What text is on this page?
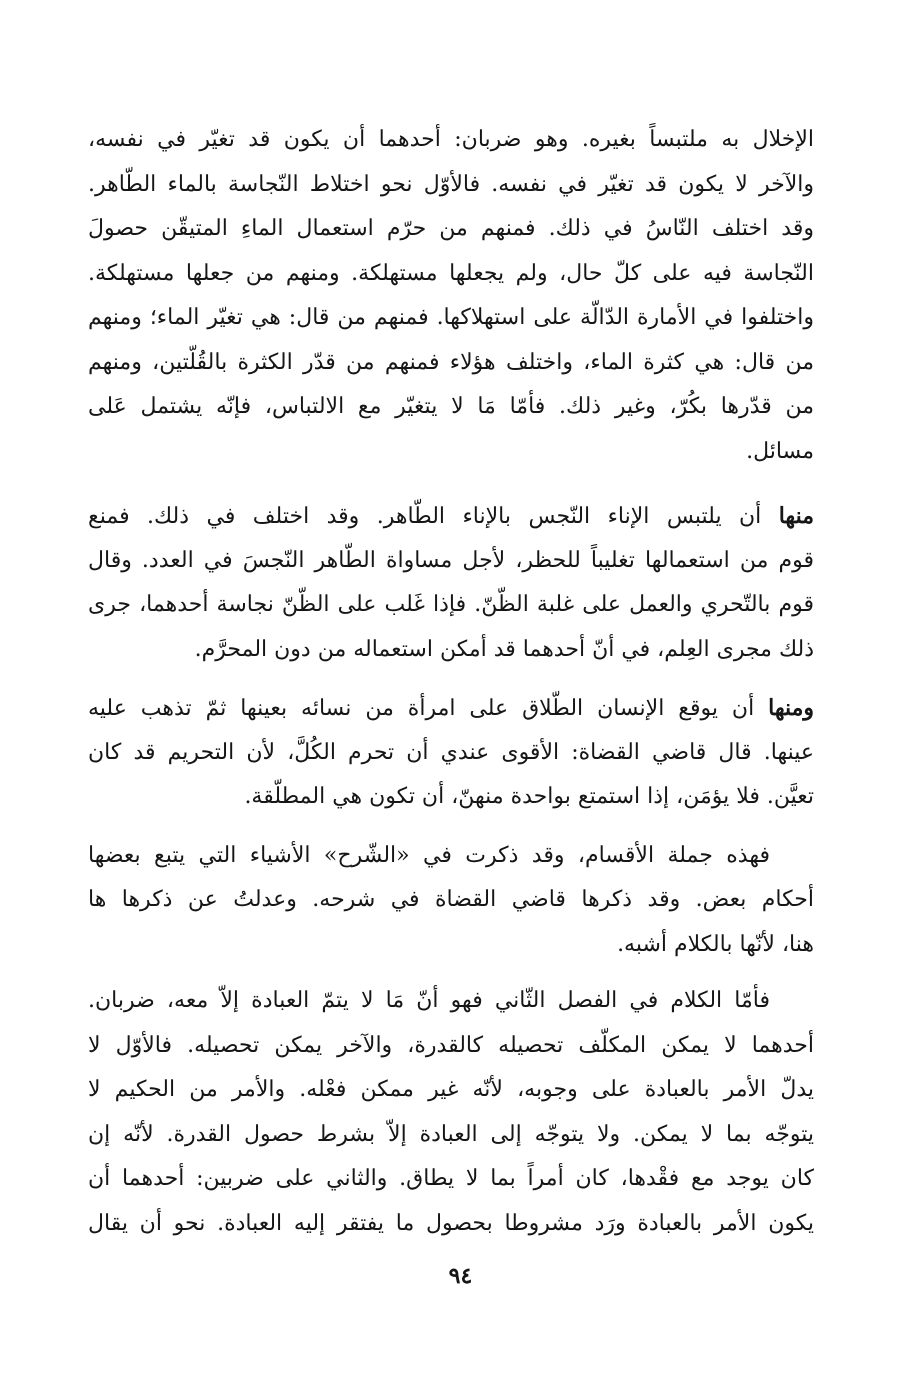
الإخلال به ملتبساً بغيره. وهو ضربان: أحدهما أن يكون قد تغيّر في نفسه،
والآخر لا يكون قد تغيّر في نفسه. فالأوّل نحو اختلاط النّجاسة بالماء الطّاهر.
وقد اختلف النّاسُ في ذلك. فمنهم من حرّم استعمال الماءِ المتيقّن حصولَ
النّجاسة فيه على كلّ حال، ولم يجعلها مستهلكة. ومنهم من جعلها مستهلكة.
واختلفوا في الأمارة الدّالّة على استهلاكها. فمنهم من قال: هي تغيّر الماء؛ ومنهم
من قال: هي كثرة الماء، واختلف هؤلاء فمنهم من قدّر الكثرة بالقُلّتين، ومنهم
من قدّرها بكُرّ، وغير ذلك. فأمّا مَا لا يتغيّر مع الالتباس، فإنّه يشتمل عَلى
مسائل.
منها أن يلتبس الإناء النّجس بالإناء الطّاهر. وقد اختلف في ذلك. فمنع
قوم من استعمالها تغليباً للحظر، لأجل مساواة الطّاهر النّجسَ في العدد. وقال
قوم بالتّحري والعمل على غلبة الظّنّ. فإذا غَلب على الظّنّ نجاسة أحدهما، جرى
ذلك مجرى العِلم، في أنّ أحدهما قد أمكن استعماله من دون المحرَّم.
ومنها أن يوقع الإنسان الطّلاق على امرأة من نسائه بعينها ثمّ تذهب عليه
عينها. قال قاضي القضاة: الأقوى عندي أن تحرم الكُلَّ، لأن التحريم قد كان
تعيَّن. فلا يؤمَن، إذا استمتع بواحدة منهنّ، أن تكون هي المطلّقة.
فهذه جملة الأقسام، وقد ذكرت في «الشّرح» الأشياء التي يتبع بعضها
أحكام بعض. وقد ذكرها قاضي القضاة في شرحه. وعدلتُ عن ذكرها ها
هنا، لأنّها بالكلام أشبه.
فأمّا الكلام في الفصل الثّاني فهو أنّ مَا لا يتمّ العبادة إلاّ معه، ضربان.
أحدهما لا يمكن المكلّف تحصيله كالقدرة، والآخر يمكن تحصيله. فالأوّل لا
يدلّ الأمر بالعبادة على وجوبه، لأنّه غير ممكن فعْله. والأمر من الحكيم لا
يتوجّه بما لا يمكن. ولا يتوجّه إلى العبادة إلاّ بشرط حصول القدرة. لأنّه إن
كان يوجد مع فقْدها، كان أمراً بما لا يطاق. والثاني على ضربين: أحدهما أن
يكون الأمر بالعبادة ورَد مشروطا بحصول ما يفتقر إليه العبادة. نحو أن يقال
٩٤
